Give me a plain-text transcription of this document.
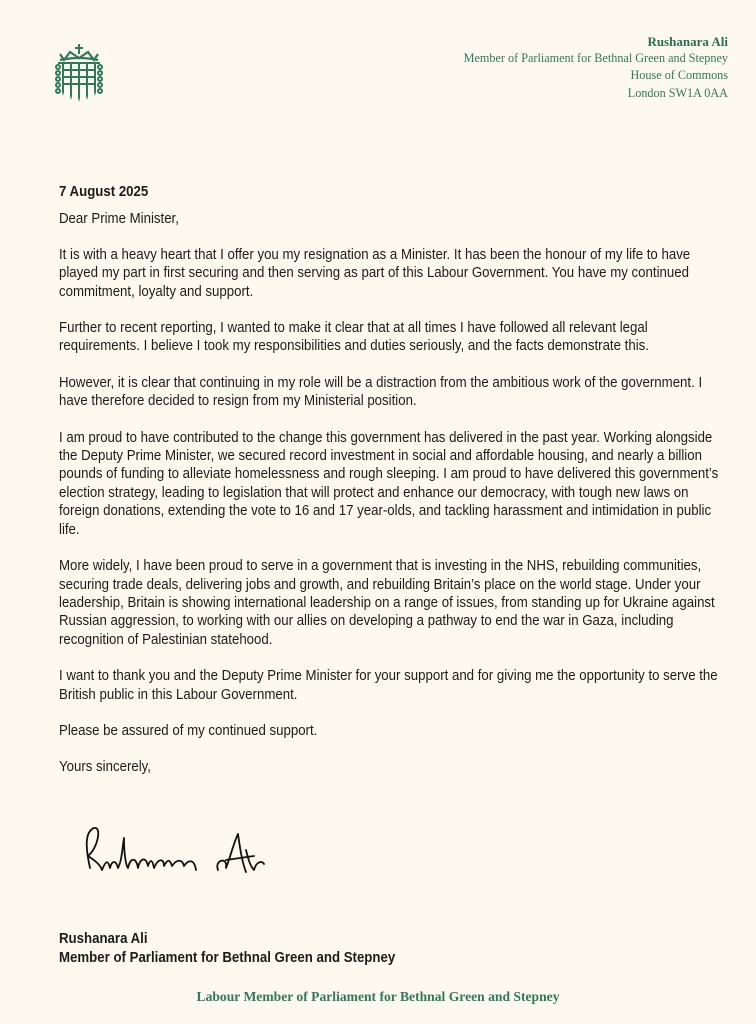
Rushanara Ali
Member of Parliament for Bethnal Green and Stepney
House of Commons
London SW1A 0AA
7 August 2025
Dear Prime Minister,

It is with a heavy heart that I offer you my resignation as a Minister. It has been the honour of my life to have played my part in first securing and then serving as part of this Labour Government. You have my continued commitment, loyalty and support.

Further to recent reporting, I wanted to make it clear that at all times I have followed all relevant legal requirements. I believe I took my responsibilities and duties seriously, and the facts demonstrate this.

However, it is clear that continuing in my role will be a distraction from the ambitious work of the government. I have therefore decided to resign from my Ministerial position.

I am proud to have contributed to the change this government has delivered in the past year. Working alongside the Deputy Prime Minister, we secured record investment in social and affordable housing, and nearly a billion pounds of funding to alleviate homelessness and rough sleeping. I am proud to have delivered this government’s election strategy, leading to legislation that will protect and enhance our democracy, with tough new laws on foreign donations, extending the vote to 16 and 17 year-olds, and tackling harassment and intimidation in public life.

More widely, I have been proud to serve in a government that is investing in the NHS, rebuilding communities, securing trade deals, delivering jobs and growth, and rebuilding Britain’s place on the world stage. Under your leadership, Britain is showing international leadership on a range of issues, from standing up for Ukraine against Russian aggression, to working with our allies on developing a pathway to end the war in Gaza, including recognition of Palestinian statehood.

I want to thank you and the Deputy Prime Minister for your support and for giving me the opportunity to serve the British public in this Labour Government.

Please be assured of my continued support.

Yours sincerely,

Rushanara Ali
Member of Parliament for Bethnal Green and Stepney
Labour Member of Parliament for Bethnal Green and Stepney
